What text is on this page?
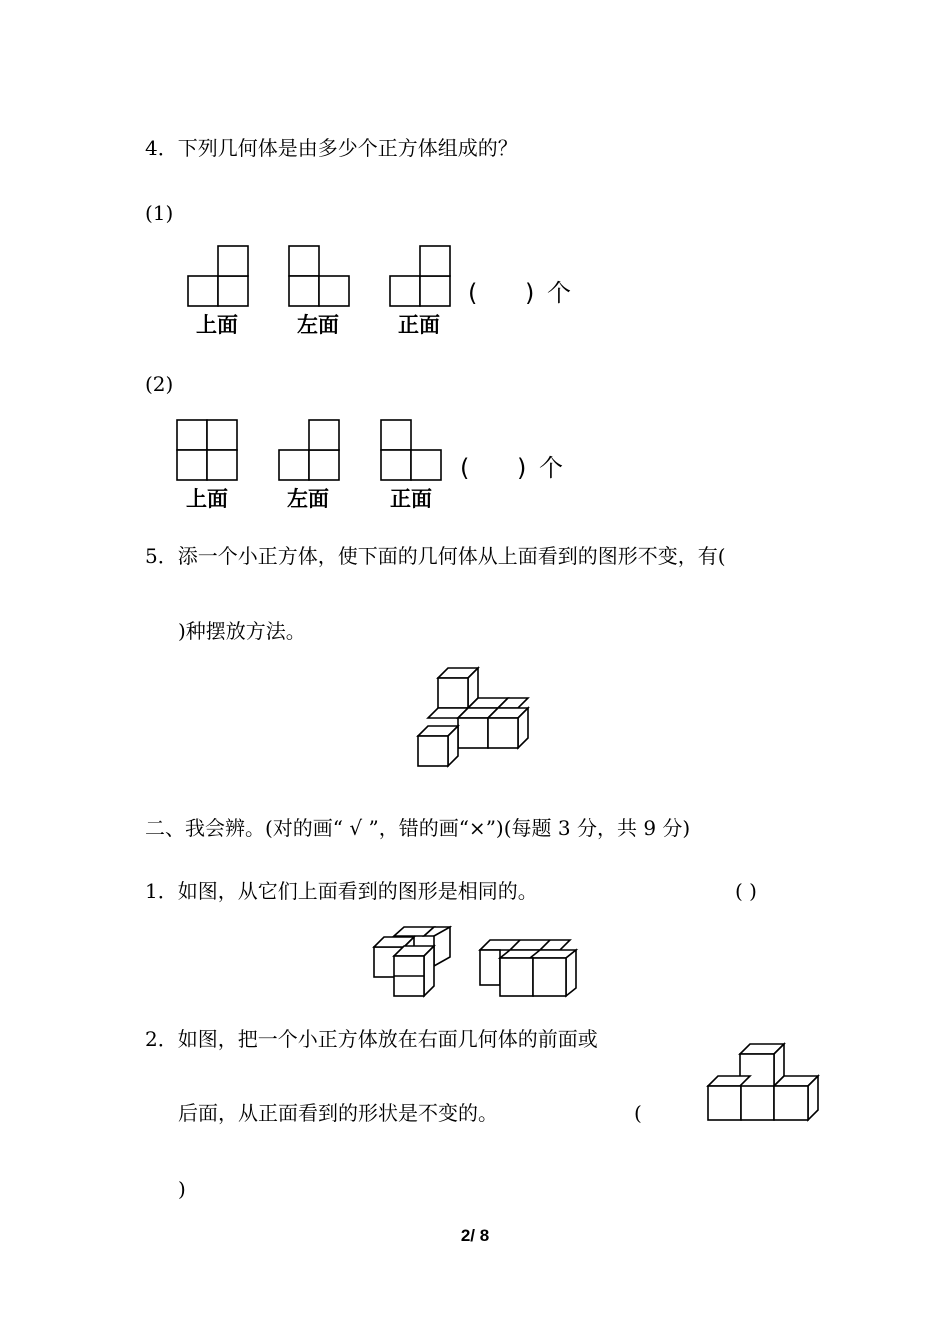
4．下列几何体是由多少个正方体组成的？
(1)
上面	左面	正面
( ) 个
(2)
上面	左面	正面
( ) 个
5．添一个小正方体，使下面的几何体从上面看到的图形不变，有(
)种摆放方法。
二、我会辨。(对的画“ √ ”，错的画“×”)(每题 3 分，共 9 分)
1．如图，从它们上面看到的图形是相同的。	( )
2．如图，把一个小正方体放在右面几何体的前面或
后面，从正面看到的形状是不变的。	(
)
2/ 8
